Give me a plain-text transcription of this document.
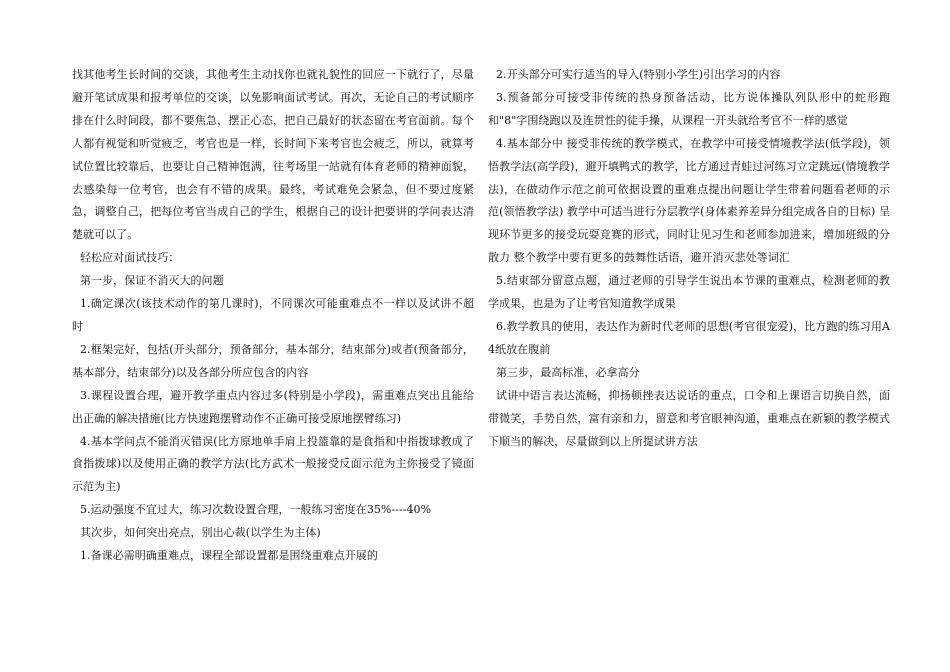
找其他考生长时间的交谈，其他考生主动找你也就礼貌性的回应一下就行了，尽量避开笔试成果和报考单位的交谈，以免影响面试考试。再次，无论自己的考试顺序排在什么时间段，都不要焦急，摆正心态，把自己最好的状态留在考官面前。每个人都有视觉和听觉疲乏，考官也是一样，长时间下来考官也会疲乏，所以，就算考试位置比较靠后，也要让自己精神饱满，往考场里一站就有体育老师的精神面貌，去感染每一位考官，也会有不错的成果。最终，考试难免会紧急，但不要过度紧急，调整自己，把每位考官当成自己的学生，根据自己的设计把要讲的学问表达清楚就可以了。

轻松应对面试技巧：

第一步，保证不消灭大的问题

1.确定课次(该技术动作的第几课时)，不同课次可能重难点不一样以及试讲不超时

2.框架完好，包括(开头部分，预备部分，基本部分，结束部分)或者(预备部分，基本部分，结束部分)以及各部分所应包含的内容

3.课程设置合理，避开教学重点内容过多(特别是小学段)，需重难点突出且能给出正确的解决措施(比方快速跑摆臂动作不正确可接受原地摆臂练习)

4.基本学问点不能消灭错误(比方原地单手肩上投篮靠的是食指和中指拨球教成了食指拨球)以及使用正确的教学方法(比方武术一般接受反面示范为主你接受了镜面示范为主)

5.运动强度不宜过大，练习次数设置合理，一般练习密度在35%----40%

其次步，如何突出亮点，别出心裁(以学生为主体)

1.备课必需明确重难点，课程全部设置都是围绕重难点开展的

2.开头部分可实行适当的导入(特别小学生)引出学习的内容

3.预备部分可接受非传统的热身预备活动，比方说体操队列队形中的蛇形跑和"8"字围绕跑以及连贯性的徒手操，从课程一开头就给考官不一样的感觉

4.基本部分中 接受非传统的教学模式，在教学中可接受情境教学法(低学段)，领悟教学法(高学段)，避开填鸭式的教学，比方通过青蛙过河练习立定跳远(情境教学法)，在做动作示范之前可依据设置的重难点提出问题让学生带着问题看老师的示范(领悟教学法) 教学中可适当进行分层教学(身体素养差异分组完成各自的目标) 呈现环节更多的接受玩耍竞赛的形式，同时让见习生和老师参加进来，增加班级的分散力 整个教学中要有更多的鼓舞性话语，避开消灭悲处等词汇

5.结束部分留意点题，通过老师的引导学生说出本节课的重难点，检测老师的教学成果，也是为了让考官知道教学成果

6.教学教具的使用，表达作为新时代老师的思想(考官很宠爱)，比方跑的练习用A4纸放在腹前

第三步，最高标准，必拿高分

试讲中语言表达流畅，抑扬顿挫表达说话的重点，口令和上课语言切换自然，面带微笑，手势自然，富有亲和力，留意和考官眼神沟通，重难点在新颖的教学模式下顺当的解决，尽量做到以上所提试讲方法
